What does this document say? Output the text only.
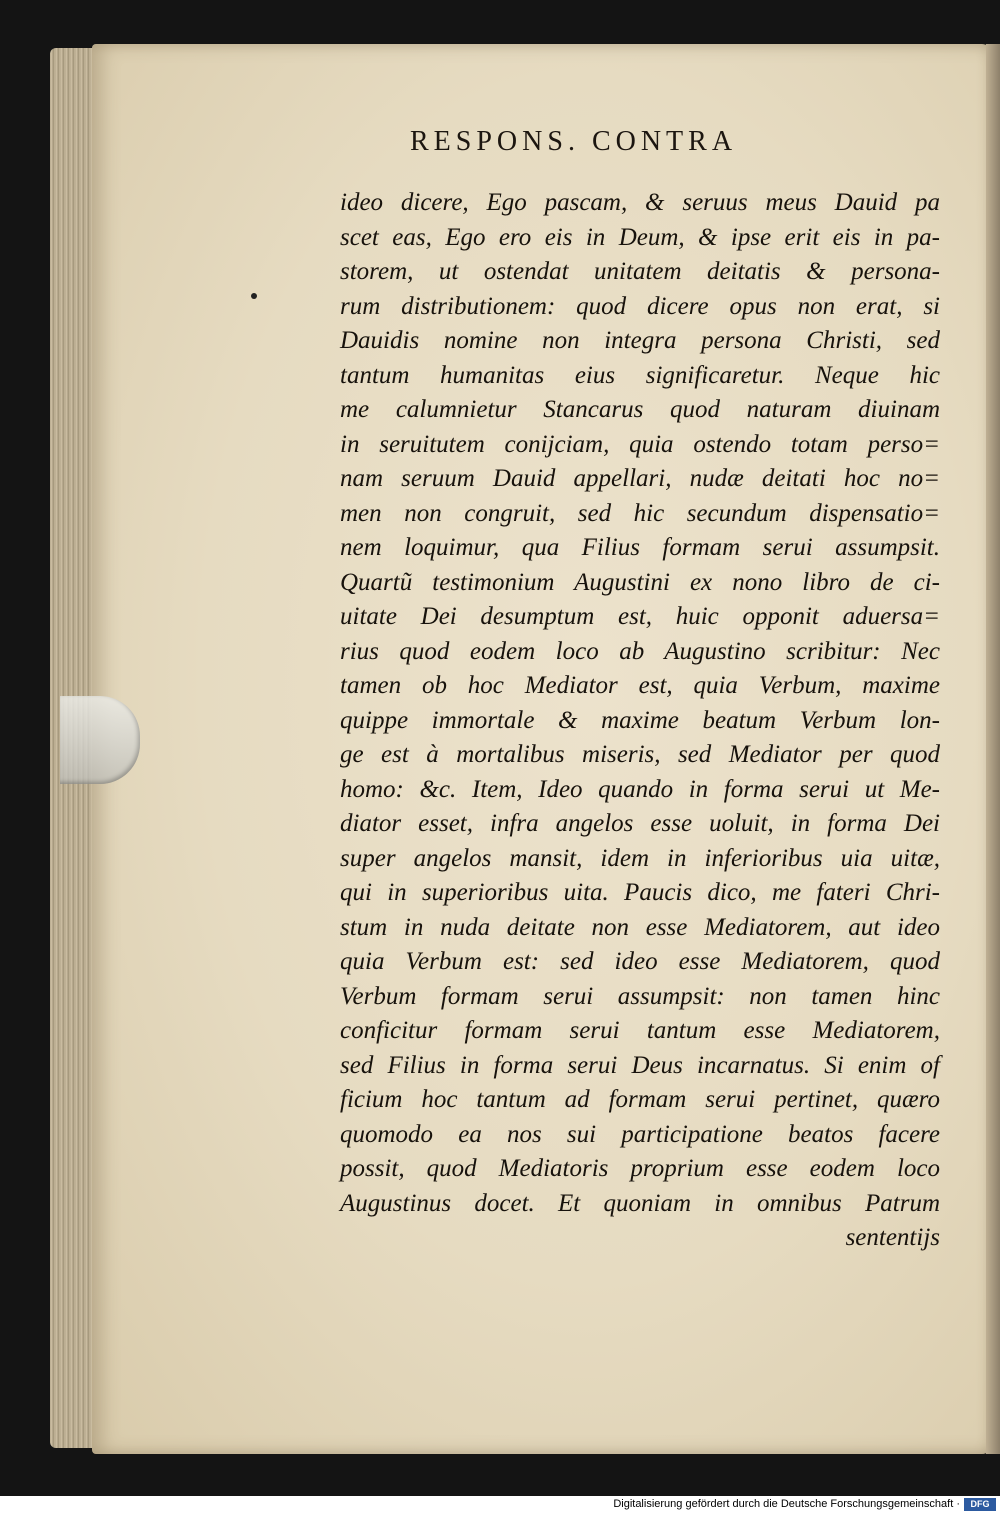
RESPONS. CONTRA
ideo dicere, Ego pascam, & seruus meus Dauid pa
scet eas, Ego ero eis in Deum, & ipse erit eis in pa-
storem, ut ostendat unitatem deitatis & persona-
rum distributionem: quod dicere opus non erat, si
Dauidis nomine non integra persona Christi, sed
tantum humanitas eius significaretur. Neque hic
me calumnietur Stancarus quod naturam diuinam
in seruitutem conijciam, quia ostendo totam perso=
nam seruum Dauid appellari, nudæ deitati hoc no=
men non congruit, sed hic secundum dispensatio=
nem loquimur, qua Filius formam serui assumpsit.
Quartũ testimonium Augustini ex nono libro de ci-
uitate Dei desumptum est, huic opponit aduersa=
rius quod eodem loco ab Augustino scribitur: Nec
tamen ob hoc Mediator est, quia Verbum, maxime
quippe immortale & maxime beatum Verbum lon-
ge est à mortalibus miseris, sed Mediator per quod
homo: &c. Item, Ideo quando in forma serui ut Me-
diator esset, infra angelos esse uoluit, in forma Dei
super angelos mansit, idem in inferioribus uia uitæ,
qui in superioribus uita. Paucis dico, me fateri Chri-
stum in nuda deitate non esse Mediatorem, aut ideo
quia Verbum est: sed ideo esse Mediatorem, quod
Verbum formam serui assumpsit: non tamen hinc
conficitur formam serui tantum esse Mediatorem,
sed Filius in forma serui Deus incarnatus. Si enim of
ficium hoc tantum ad formam serui pertinet, quæro
quomodo ea nos sui participatione beatos facere
possit, quod Mediatoris proprium esse eodem loco
Augustinus docet. Et quoniam in omnibus Patrum
sententijs
Digitalisierung gefördert durch die Deutsche Forschungsgemeinschaft ·	DFG
